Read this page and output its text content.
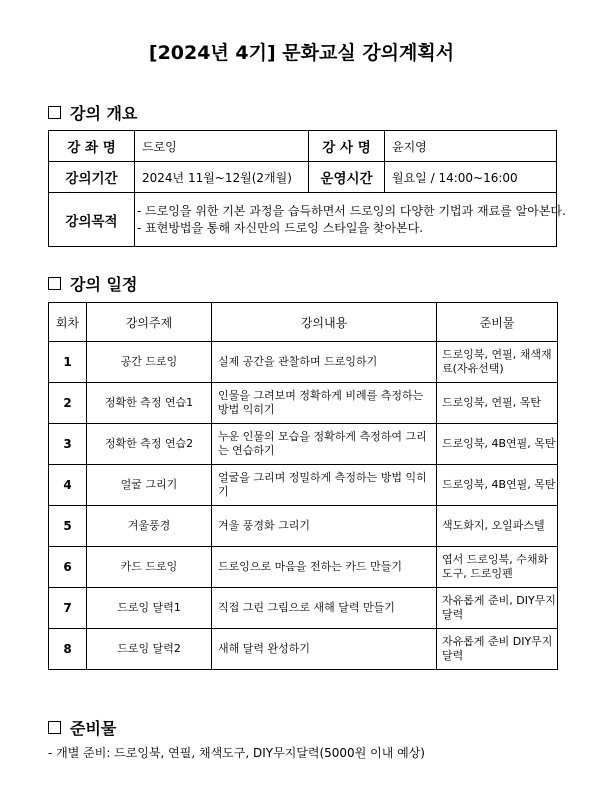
[2024년 4기] 문화교실 강의계획서
강의 개요
강 좌 명	드로잉	강 사 명	윤지영
강의기간	2024년 11월~12월(2개월)	운영시간	월요일 / 14:00~16:00
강의목적	- 드로잉을 위한 기본 과정을 습득하면서 드로잉의 다양한 기법과 재료를 알아본다.
- 표현방법을 통해 자신만의 드로잉 스타일을 찾아본다.		
강의 일정
회차	강의주제	강의내용	준비물
1	공간 드로잉	실제 공간을 관찰하며 드로잉하기	드로잉북, 연필, 채색재료(자유선택)
2	정확한 측정 연습1	인물을 그려보며 정확하게 비례를 측정하는 방법 익히기	드로잉북, 연필, 목탄
3	정확한 측정 연습2	누운 인물의 모습을 정확하게 측정하여 그리는 연습하기	드로잉북, 4B연필, 목탄
4	얼굴 그리기	얼굴을 그리며 정밀하게 측정하는 방법 익히기	드로잉북, 4B연필, 목탄
5	겨울풍경	겨울 풍경화 그리기	색도화지, 오일파스텔
6	카드 드로잉	드로잉으로 마음을 전하는 카드 만들기	엽서 드로잉북, 수채화 도구, 드로잉펜
7	드로잉 달력1	직접 그린 그림으로 새해 달력 만들기	자유롭게 준비, DIY무지달력
8	드로잉 달력2	새해 달력 완성하기	자유롭게 준비 DIY무지달력
준비물
- 개별 준비: 드로잉북, 연필, 채색도구, DIY무지달력(5000원 이내 예상)
